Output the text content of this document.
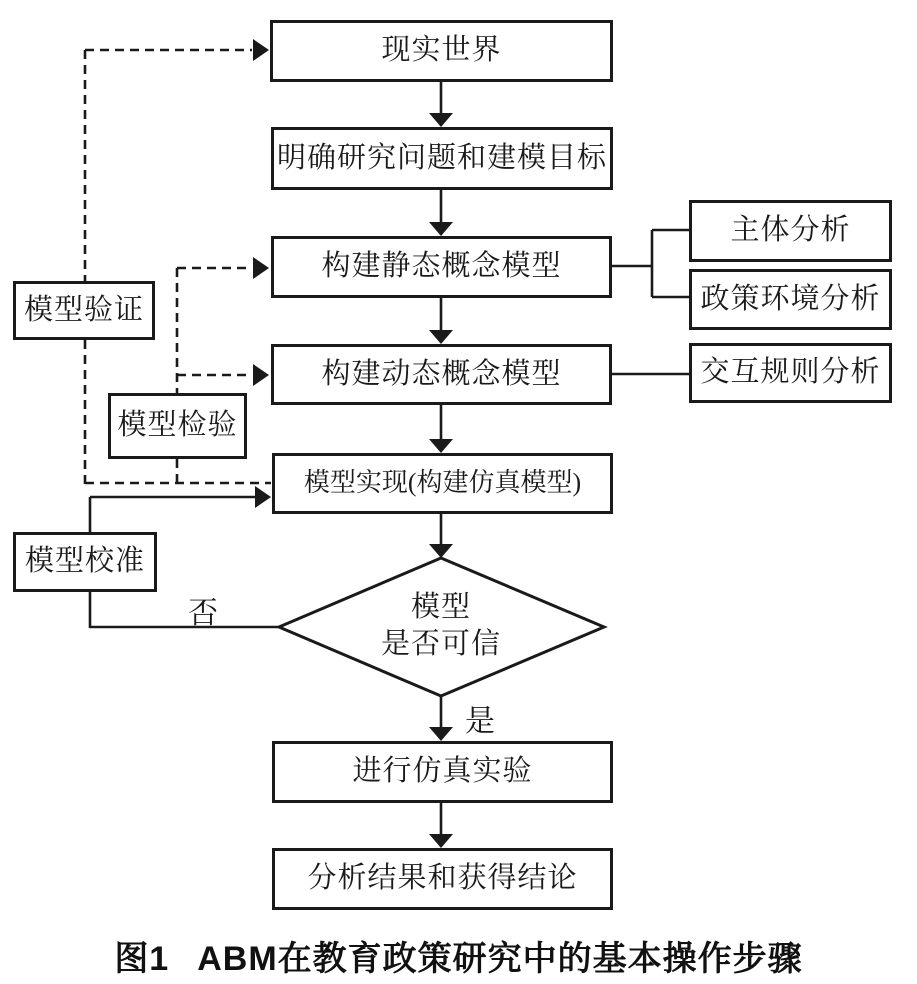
现实世界
明确研究问题和建模目标
构建静态概念模型
构建动态概念模型
模型实现(构建仿真模型)
进行仿真实验
分析结果和获得结论
主体分析
政策环境分析
交互规则分析
模型验证
模型检验
模型校准
模型
是否可信
否
是
图1 ABM在教育政策研究中的基本操作步骤
